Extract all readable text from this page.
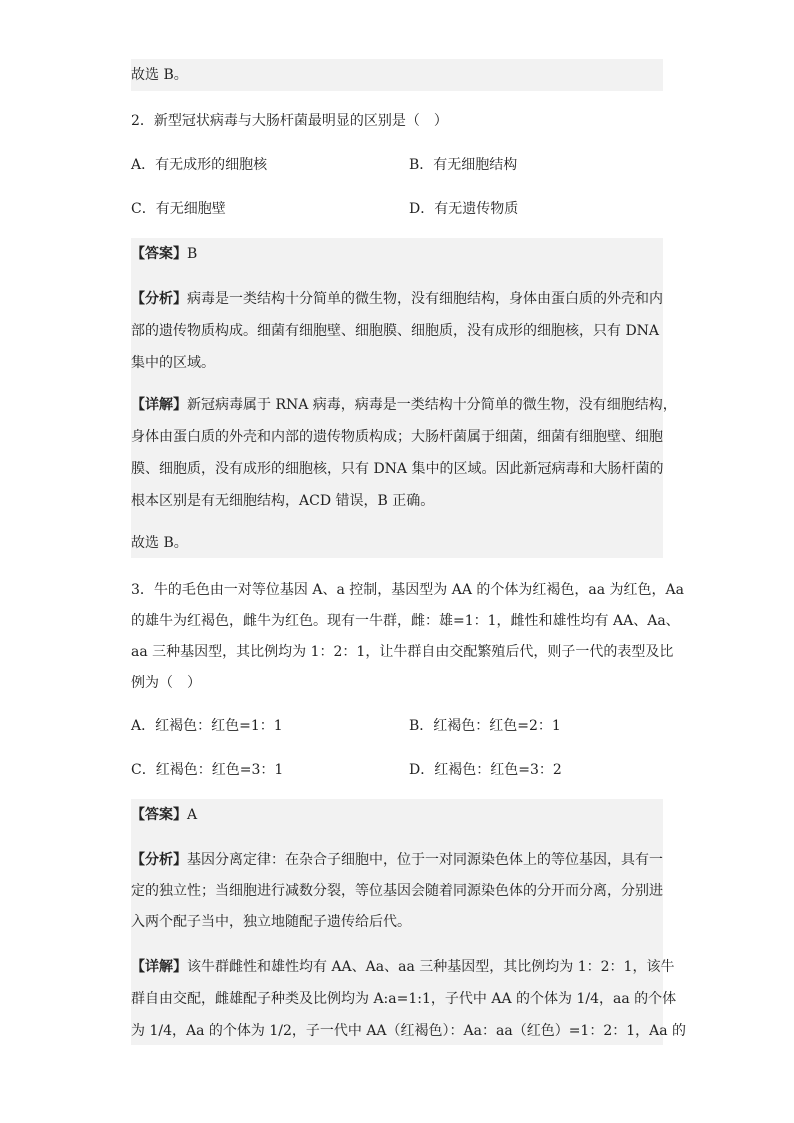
故选 B。
2．新型冠状病毒与大肠杆菌最明显的区别是（　）
A．有无成形的细胞核	B．有无细胞结构
C．有无细胞壁	D．有无遗传物质
【答案】B
【分析】病毒是一类结构十分简单的微生物，没有细胞结构，身体由蛋白质的外壳和内
部的遗传物质构成。细菌有细胞壁、细胞膜、细胞质，没有成形的细胞核，只有 DNA
集中的区域。
【详解】新冠病毒属于 RNA 病毒，病毒是一类结构十分简单的微生物，没有细胞结构，
身体由蛋白质的外壳和内部的遗传物质构成；大肠杆菌属于细菌，细菌有细胞壁、细胞
膜、细胞质，没有成形的细胞核，只有 DNA 集中的区域。因此新冠病毒和大肠杆菌的
根本区别是有无细胞结构，ACD 错误，B 正确。
故选 B。
3．牛的毛色由一对等位基因 A、a 控制，基因型为 AA 的个体为红褐色，aa 为红色，Aa
的雄牛为红褐色，雌牛为红色。现有一牛群，雌：雄=1：1，雌性和雄性均有 AA、Aa、
aa 三种基因型，其比例均为 1：2：1，让牛群自由交配繁殖后代，则子一代的表型及比
例为（　）
A．红褐色：红色=1：1	B．红褐色：红色=2：1
C．红褐色：红色=3：1	D．红褐色：红色=3：2
【答案】A
【分析】基因分离定律：在杂合子细胞中，位于一对同源染色体上的等位基因，具有一
定的独立性；当细胞进行减数分裂，等位基因会随着同源染色体的分开而分离，分别进
入两个配子当中，独立地随配子遗传给后代。
【详解】该牛群雌性和雄性均有 AA、Aa、aa 三种基因型，其比例均为 1：2：1，该牛
群自由交配，雌雄配子种类及比例均为 A:a=1:1，子代中 AA 的个体为 1/4，aa 的个体
为 1/4，Aa 的个体为 1/2，子一代中 AA（红褐色）：Aa：aa（红色）=1：2：1，Aa 的
